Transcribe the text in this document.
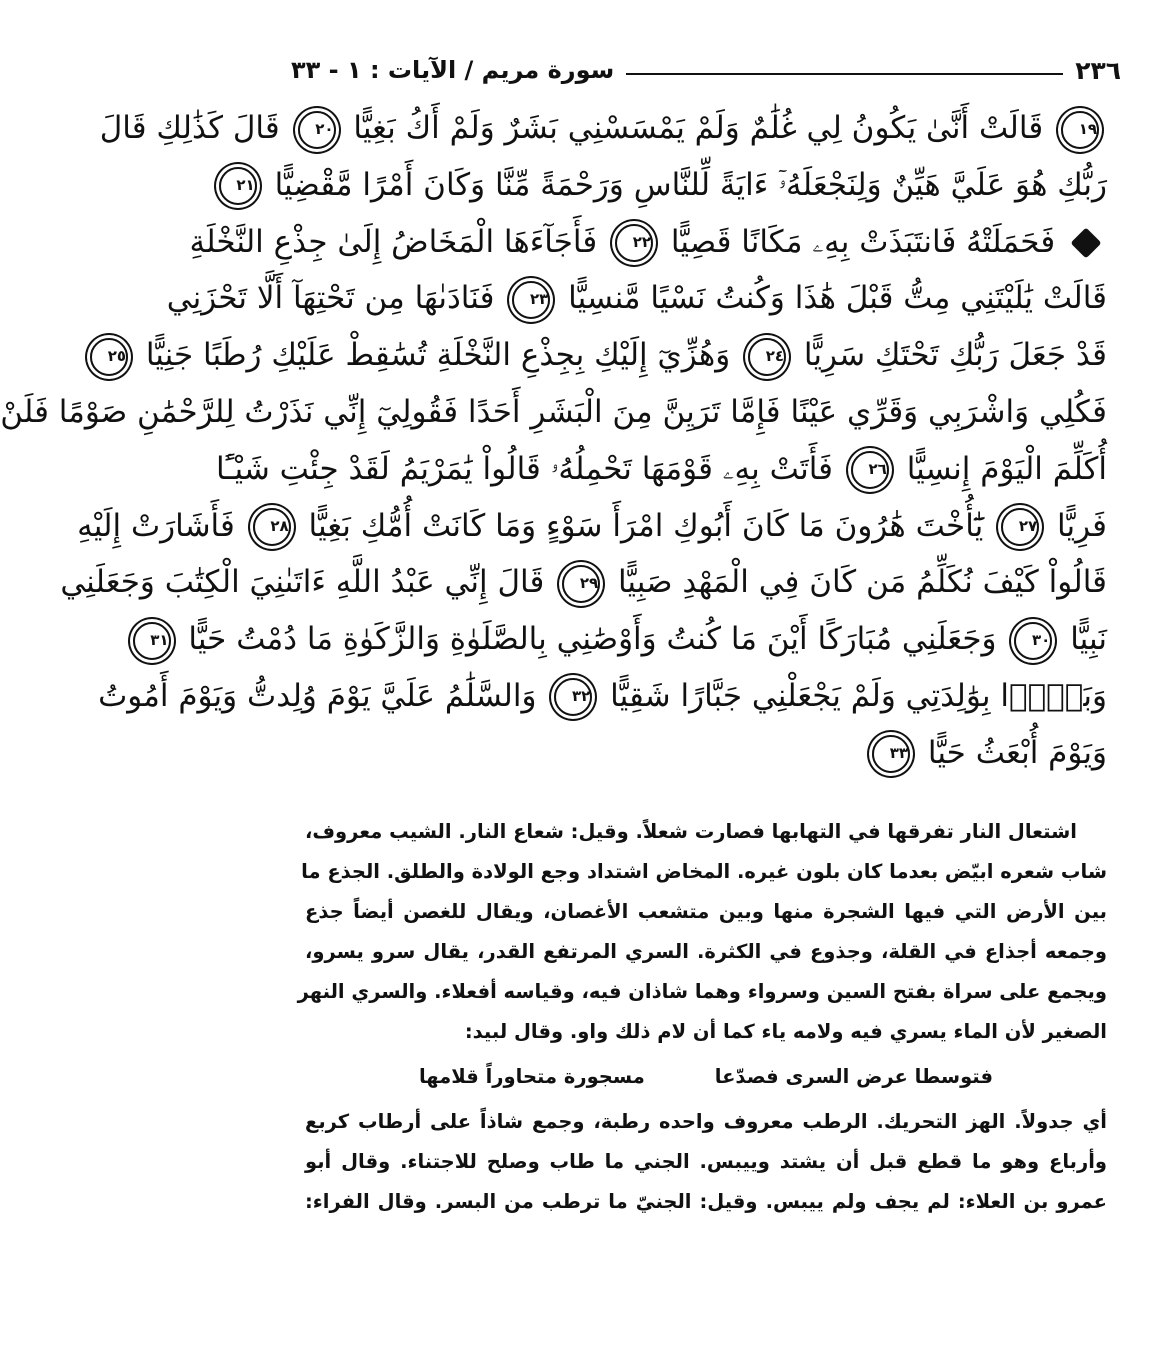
٢٣٦
سورة مريم / الآيات : ١ - ٣٣
١٩ قَالَتْ أَنَّىٰ يَكُونُ لِي غُلَٰمٌ وَلَمْ يَمْسَسْنِي بَشَرٌ وَلَمْ أَكُ بَغِيًّا ٢٠ قَالَ كَذَٰلِكِ قَالَ
رَبُّكِ هُوَ عَلَيَّ هَيِّنٌ وَلِنَجْعَلَهُۥٓ ءَايَةً لِّلنَّاسِ وَرَحْمَةً مِّنَّا وَكَانَ أَمْرًا مَّقْضِيًّا ٢١
فَحَمَلَتْهُ فَانتَبَذَتْ بِهِۦ مَكَانًا قَصِيًّا ٢٢ فَأَجَآءَهَا الْمَخَاضُ إِلَىٰ جِذْعِ النَّخْلَةِ
قَالَتْ يَٰلَيْتَنِي مِتُّ قَبْلَ هَٰذَا وَكُنتُ نَسْيًا مَّنسِيًّا ٢٣ فَنَادَىٰهَا مِن تَحْتِهَآ أَلَّا تَحْزَنِي
قَدْ جَعَلَ رَبُّكِ تَحْتَكِ سَرِيًّا ٢٤ وَهُزِّيٓ إِلَيْكِ بِجِذْعِ النَّخْلَةِ تُسَٰقِطْ عَلَيْكِ رُطَبًا جَنِيًّا ٢٥
فَكُلِي وَاشْرَبِي وَقَرِّي عَيْنًا فَإِمَّا تَرَيِنَّ مِنَ الْبَشَرِ أَحَدًا فَقُولِيٓ إِنِّي نَذَرْتُ لِلرَّحْمَٰنِ صَوْمًا فَلَنْ
أُكَلِّمَ الْيَوْمَ إِنسِيًّا ٢٦ فَأَتَتْ بِهِۦ قَوْمَهَا تَحْمِلُهُۥ قَالُواْ يَٰمَرْيَمُ لَقَدْ جِئْتِ شَيْـًٔا
فَرِيًّا ٢٧ يَٰٓأُخْتَ هَٰرُونَ مَا كَانَ أَبُوكِ امْرَأَ سَوْءٍ وَمَا كَانَتْ أُمُّكِ بَغِيًّا ٢٨ فَأَشَارَتْ إِلَيْهِ
قَالُواْ كَيْفَ نُكَلِّمُ مَن كَانَ فِي الْمَهْدِ صَبِيًّا ٢٩ قَالَ إِنِّي عَبْدُ اللَّهِ ءَاتَىٰنِيَ الْكِتَٰبَ وَجَعَلَنِي
نَبِيًّا ٣٠ وَجَعَلَنِي مُبَارَكًا أَيْنَ مَا كُنتُ وَأَوْصَٰنِي بِالصَّلَوٰةِ وَالزَّكَوٰةِ مَا دُمْتُ حَيًّا ٣١
وَبَرًّۢا بِوَٰلِدَتِي وَلَمْ يَجْعَلْنِي جَبَّارًا شَقِيًّا ٣٢ وَالسَّلَٰمُ عَلَيَّ يَوْمَ وُلِدتُّ وَيَوْمَ أَمُوتُ
وَيَوْمَ أُبْعَثُ حَيًّا ٣٣
اشتعال النار تفرقها في التهابها فصارت شعلاً. وقيل: شعاع النار. الشيب معروف،
شاب شعره ابيّض بعدما كان بلون غيره. المخاض اشتداد وجع الولادة والطلق. الجذع ما
بين الأرض التي فيها الشجرة منها وبين متشعب الأغصان، ويقال للغصن أيضاً جذع
وجمعه أجذاع في القلة، وجذوع في الكثرة. السري المرتفع القدر، يقال سرو يسرو،
ويجمع على سراة بفتح السين وسرواء وهما شاذان فيه، وقياسه أفعلاء. والسري النهر
الصغير لأن الماء يسري فيه ولامه ياء كما أن لام ذلك واو. وقال لبيد:
فتوسطا عرض السرى فصدّعا
مسجورة متحاوراً قلامها
أي جدولاً. الهز التحريك. الرطب معروف واحده رطبة، وجمع شاذاً على أرطاب كربع
وأرباع وهو ما قطع قبل أن يشتد وييبس. الجني ما طاب وصلح للاجتناء. وقال أبو
عمرو بن العلاء: لم يجف ولم ييبس. وقيل: الجنيّ ما ترطب من البسر. وقال الفراء:
